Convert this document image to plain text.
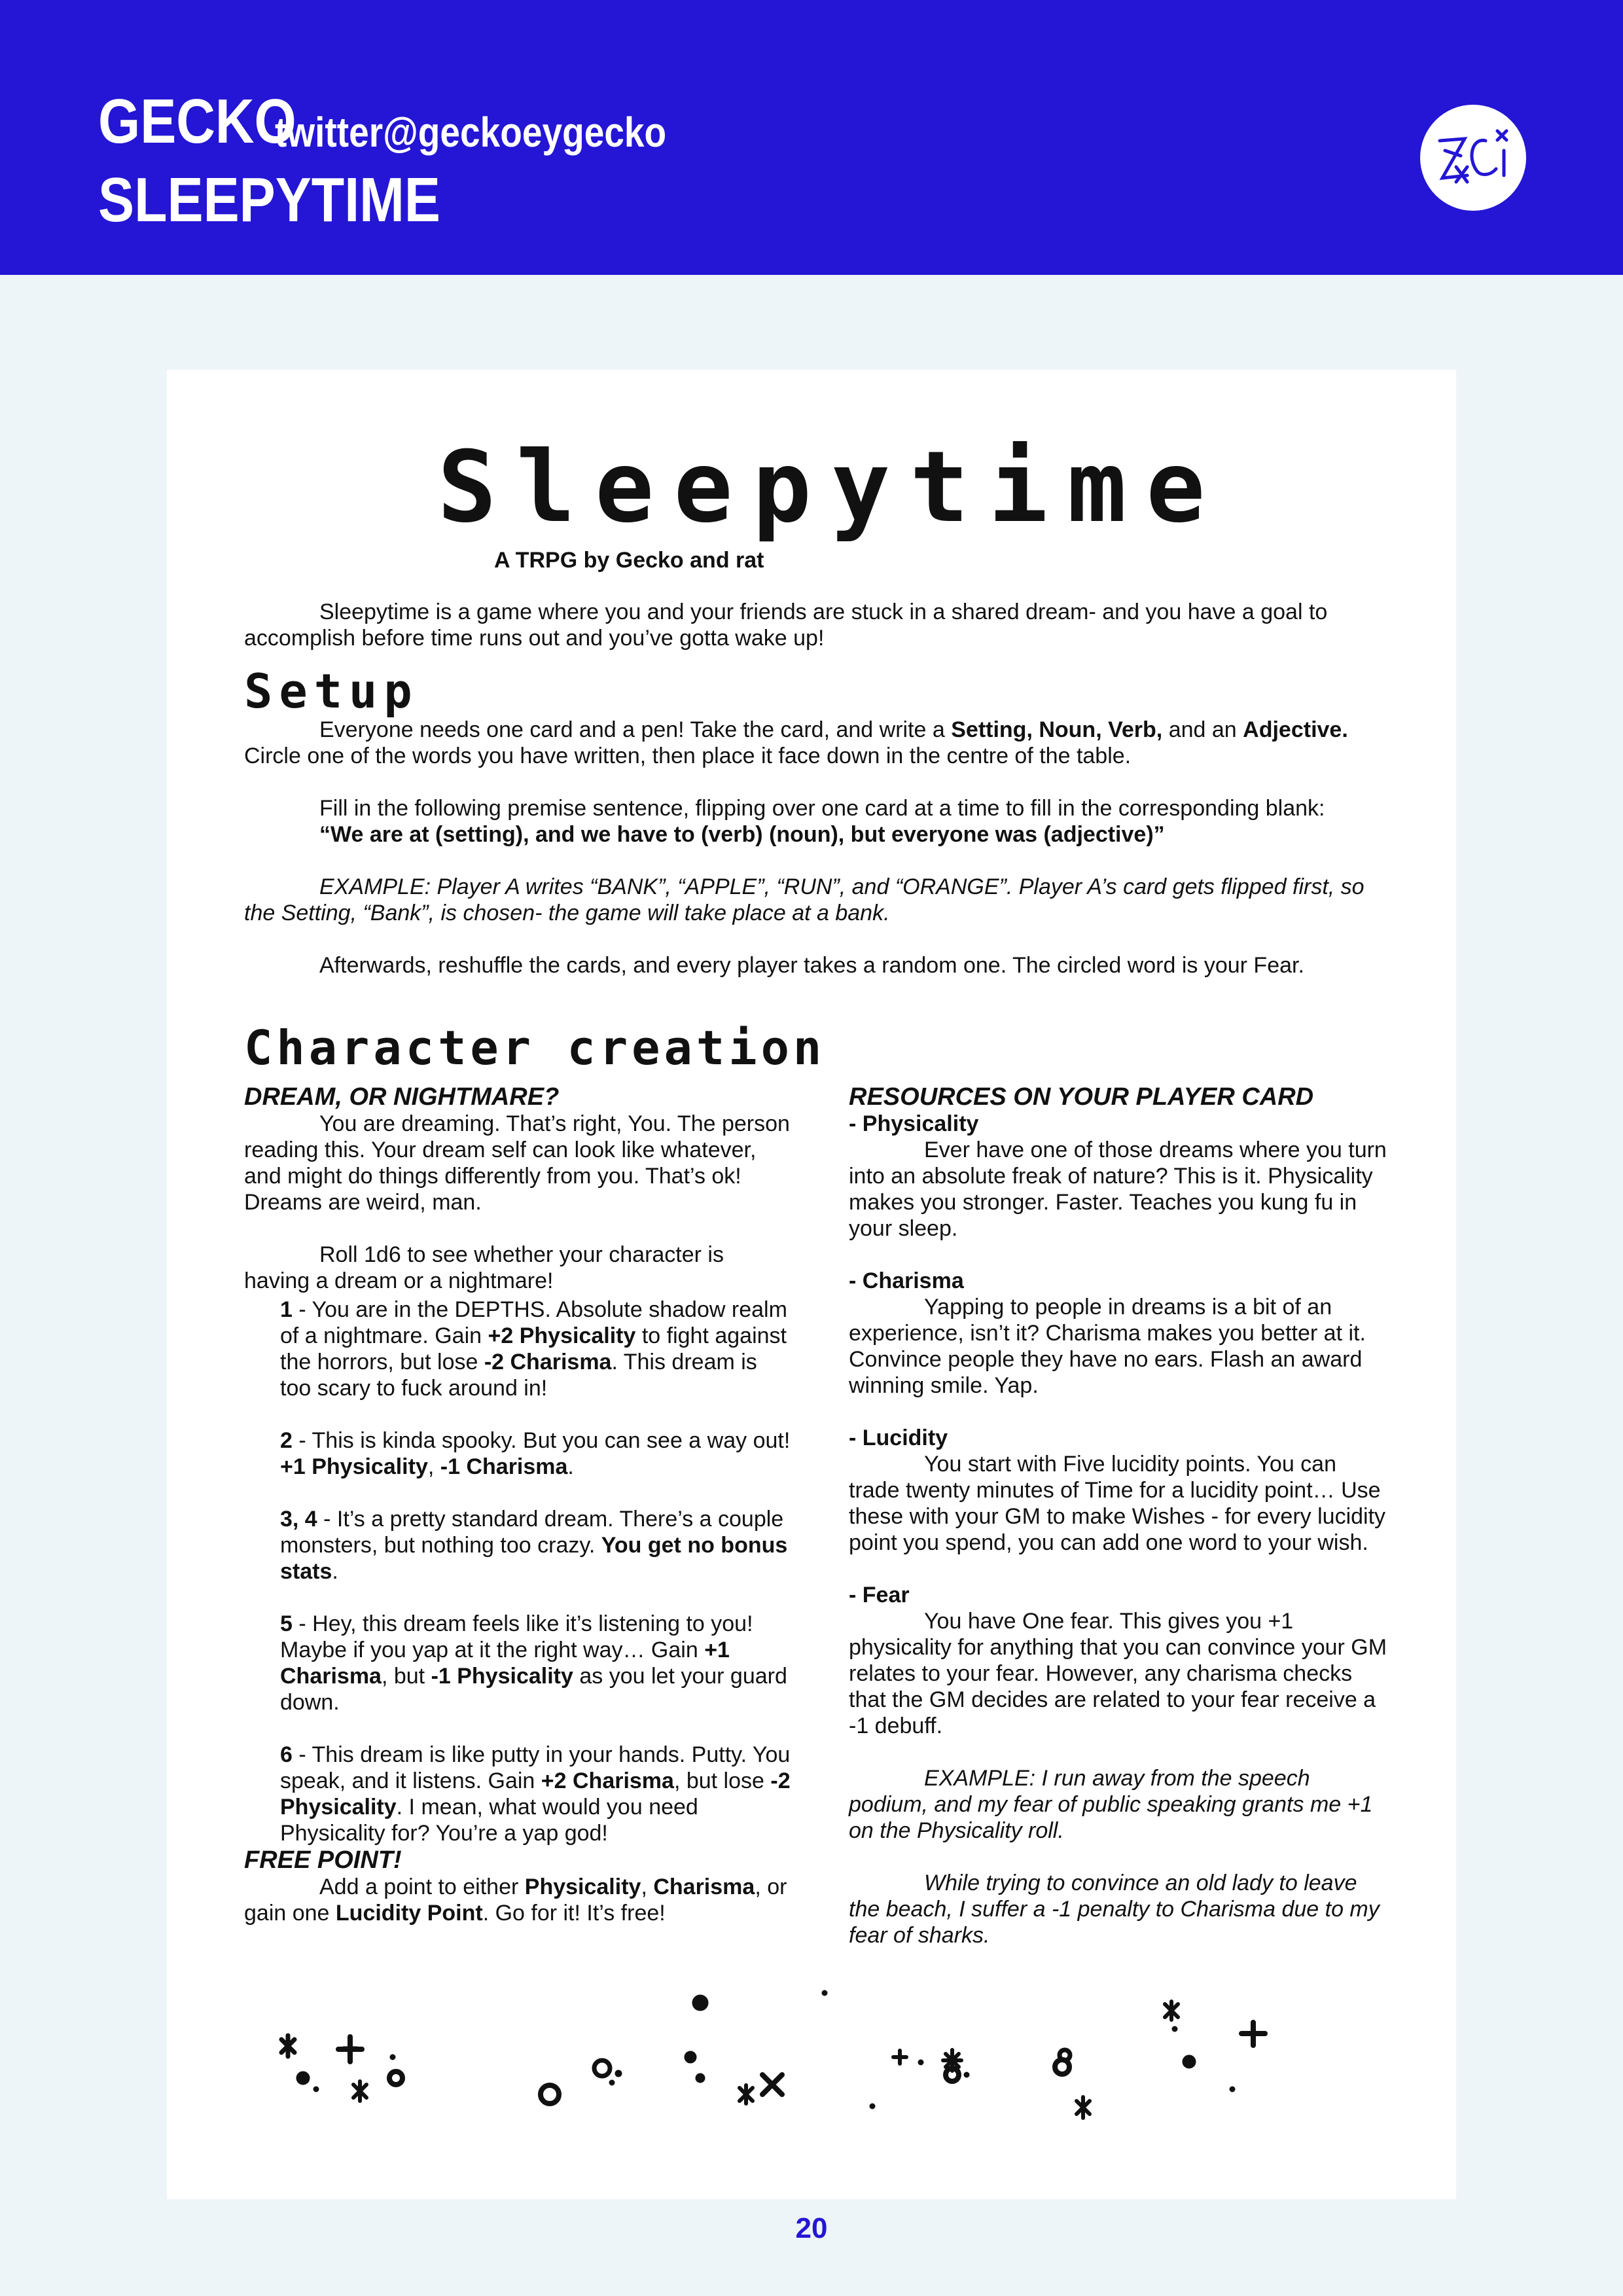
GECKO
twitter@geckoeygecko
SLEEPYTIME
Sleepytime
A TRPG by Gecko and rat
Sleepytime is a game where you and your friends are stuck in a shared dream- and you have a goal to accomplish before time runs out and you’ve gotta wake up!
Setup

Everyone needs one card and a pen! Take the card, and write a Setting, Noun, Verb, and an Adjective. Circle one of the words you have written, then place it face down in the centre of the table.

Fill in the following premise sentence, flipping over one card at a time to fill in the corresponding blank:

“We are at (setting), and we have to (verb) (noun), but everyone was (adjective)”

EXAMPLE: Player A writes “BANK”, “APPLE”, “RUN”, and “ORANGE”. Player A’s card gets flipped first, so the Setting, “Bank”, is chosen- the game will take place at a bank.
Afterwards, reshuffle the cards, and every player takes a random one. The circled word is your Fear.
Character creation
DREAM, OR NIGHTMARE?

You are dreaming. That’s right, You. The person reading this. Your dream self can look like whatever, and might do things differently from you. That’s ok! Dreams are weird, man.

Roll 1d6 to see whether your character is having a dream or a nightmare!

1 - You are in the DEPTHS. Absolute shadow realm of a nightmare. Gain +2 Physicality to fight against the horrors, but lose -2 Charisma. This dream is too scary to fuck around in!

2 - This is kinda spooky. But you can see a way out! +1 Physicality, -1 Charisma.

3, 4 - It’s a pretty standard dream. There’s a couple monsters, but nothing too crazy. You get no bonus stats.

5 - Hey, this dream feels like it’s listening to you! Maybe if you yap at it the right way… Gain +1 Charisma, but -1 Physicality as you let your guard down.

6 - This dream is like putty in your hands. Putty. You speak, and it listens. Gain +2 Charisma, but lose -2 Physicality. I mean, what would you need Physicality for? You’re a yap god!

FREE POINT!

Add a point to either Physicality, Charisma, or gain one Lucidity Point. Go for it! It’s free!

RESOURCES ON YOUR PLAYER CARD

- Physicality

Ever have one of those dreams where you turn into an absolute freak of nature? This is it. Physicality makes you stronger. Faster. Teaches you kung fu in your sleep.

- Charisma

Yapping to people in dreams is a bit of an experience, isn’t it? Charisma makes you better at it. Convince people they have no ears. Flash an award winning smile. Yap.

- Lucidity

You start with Five lucidity points. You can trade twenty minutes of Time for a lucidity point… Use these with your GM to make Wishes - for every lucidity point you spend, you can add one word to your wish.

- Fear

You have One fear. This gives you +1 physicality for anything that you can convince your GM relates to your fear. However, any charisma checks that the GM decides are related to your fear receive a -1 debuff.

EXAMPLE: I run away from the speech podium, and my fear of public speaking grants me +1 on the Physicality roll.

While trying to convince an old lady to leave the beach, I suffer a -1 penalty to Charisma due to my fear of sharks.

20
